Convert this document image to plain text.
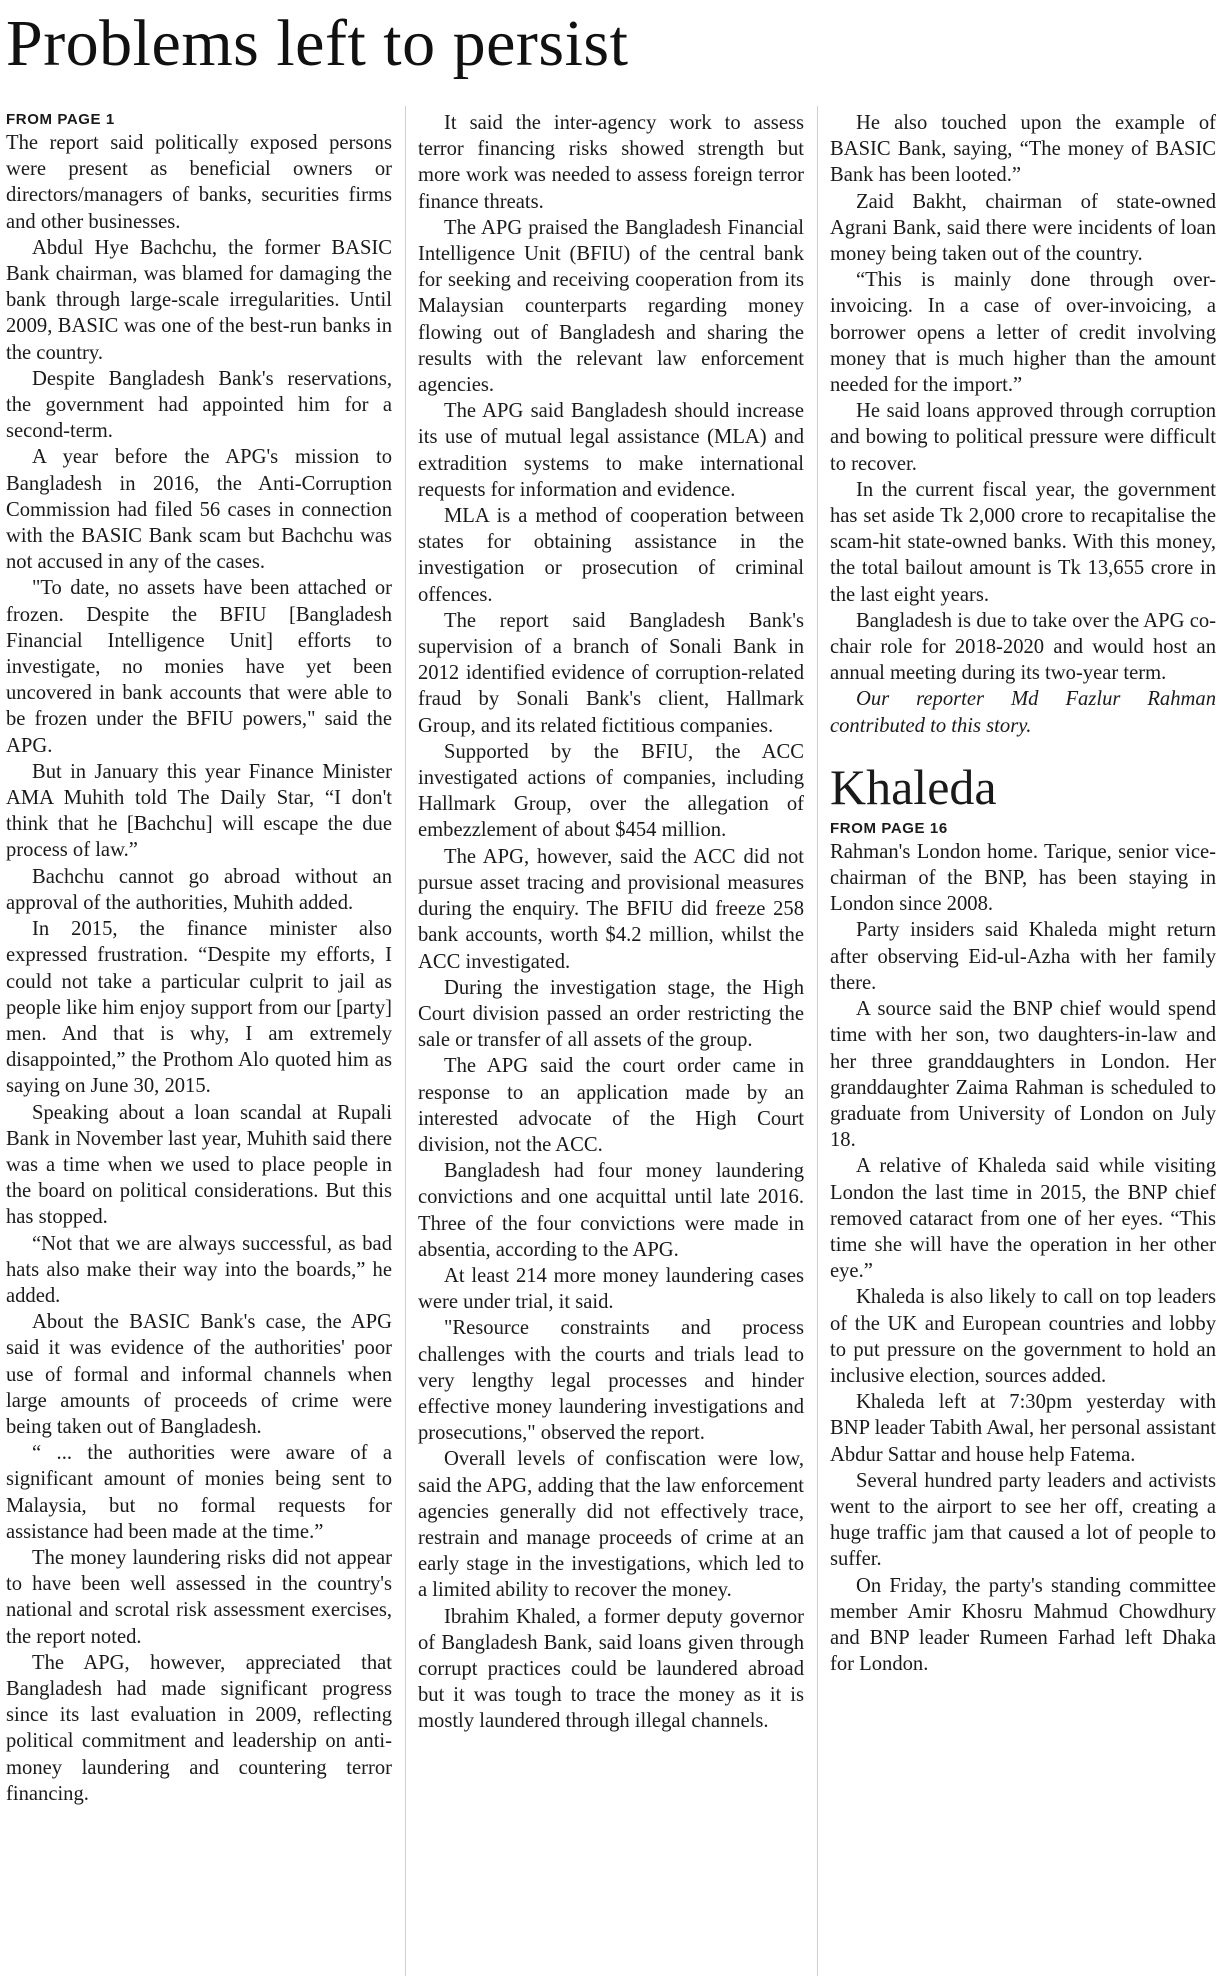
Problems left to persist
FROM PAGE 1

The report said politically exposed persons were present as beneficial owners or directors/managers of banks, securities firms and other businesses.

Abdul Hye Bachchu, the former BASIC Bank chairman, was blamed for damaging the bank through large-scale irregularities. Until 2009, BASIC was one of the best-run banks in the country.

Despite Bangladesh Bank's reservations, the government had appointed him for a second-term.

A year before the APG's mission to Bangladesh in 2016, the Anti-Corruption Commission had filed 56 cases in connection with the BASIC Bank scam but Bachchu was not accused in any of the cases.

"To date, no assets have been attached or frozen. Despite the BFIU [Bangladesh Financial Intelligence Unit] efforts to investigate, no monies have yet been uncovered in bank accounts that were able to be frozen under the BFIU powers," said the APG.

But in January this year Finance Minister AMA Muhith told The Daily Star, “I don't think that he [Bachchu] will escape the due process of law.”

Bachchu cannot go abroad without an approval of the authorities, Muhith added.

In 2015, the finance minister also expressed frustration. “Despite my efforts, I could not take a particular culprit to jail as people like him enjoy support from our [party] men. And that is why, I am extremely disappointed,” the Prothom Alo quoted him as saying on June 30, 2015.

Speaking about a loan scandal at Rupali Bank in November last year, Muhith said there was a time when we used to place people in the board on political considerations. But this has stopped.

“Not that we are always successful, as bad hats also make their way into the boards,” he added.

About the BASIC Bank's case, the APG said it was evidence of the authorities' poor use of formal and informal channels when large amounts of proceeds of crime were being taken out of Bangladesh.

“ ... the authorities were aware of a significant amount of monies being sent to Malaysia, but no formal requests for assistance had been made at the time.”

The money laundering risks did not appear to have been well assessed in the country's national and scrotal risk assessment exercises, the report noted.

The APG, however, appreciated that Bangladesh had made significant progress since its last evaluation in 2009, reflecting political commitment and leadership on anti-money laundering and countering terror financing.

It said the inter-agency work to assess terror financing risks showed strength but more work was needed to assess foreign terror finance threats.

The APG praised the Bangladesh Financial Intelligence Unit (BFIU) of the central bank for seeking and receiving cooperation from its Malaysian counterparts regarding money flowing out of Bangladesh and sharing the results with the relevant law enforcement agencies.

The APG said Bangladesh should increase its use of mutual legal assistance (MLA) and extradition systems to make international requests for information and evidence.

MLA is a method of cooperation between states for obtaining assistance in the investigation or prosecution of criminal offences.

The report said Bangladesh Bank's supervision of a branch of Sonali Bank in 2012 identified evidence of corruption-related fraud by Sonali Bank's client, Hallmark Group, and its related fictitious companies.

Supported by the BFIU, the ACC investigated actions of companies, including Hallmark Group, over the allegation of embezzlement of about $454 million.

The APG, however, said the ACC did not pursue asset tracing and provisional measures during the enquiry. The BFIU did freeze 258 bank accounts, worth $4.2 million, whilst the ACC investigated.

During the investigation stage, the High Court division passed an order restricting the sale or transfer of all assets of the group.

The APG said the court order came in response to an application made by an interested advocate of the High Court division, not the ACC.

Bangladesh had four money laundering convictions and one acquittal until late 2016. Three of the four convictions were made in absentia, according to the APG.

At least 214 more money laundering cases were under trial, it said.

"Resource constraints and process challenges with the courts and trials lead to very lengthy legal processes and hinder effective money laundering investigations and prosecutions," observed the report.

Overall levels of confiscation were low, said the APG, adding that the law enforcement agencies generally did not effectively trace, restrain and manage proceeds of crime at an early stage in the investigations, which led to a limited ability to recover the money.

Ibrahim Khaled, a former deputy governor of Bangladesh Bank, said loans given through corrupt practices could be laundered abroad but it was tough to trace the money as it is mostly laundered through illegal channels.

He also touched upon the example of BASIC Bank, saying, “The money of BASIC Bank has been looted.”

Zaid Bakht, chairman of state-owned Agrani Bank, said there were incidents of loan money being taken out of the country.

“This is mainly done through over-invoicing. In a case of over-invoicing, a borrower opens a letter of credit involving money that is much higher than the amount needed for the import.”

He said loans approved through corruption and bowing to political pressure were difficult to recover.

In the current fiscal year, the government has set aside Tk 2,000 crore to recapitalise the scam-hit state-owned banks. With this money, the total bailout amount is Tk 13,655 crore in the last eight years.

Bangladesh is due to take over the APG co-chair role for 2018-2020 and would host an annual meeting during its two-year term.

Our reporter Md Fazlur Rahman contributed to this story.

Khaleda
FROM PAGE 16

Rahman's London home. Tarique, senior vice-chairman of the BNP, has been staying in London since 2008.

Party insiders said Khaleda might return after observing Eid-ul-Azha with her family there.

A source said the BNP chief would spend time with her son, two daughters-in-law and her three granddaughters in London. Her granddaughter Zaima Rahman is scheduled to graduate from University of London on July 18.

A relative of Khaleda said while visiting London the last time in 2015, the BNP chief removed cataract from one of her eyes. “This time she will have the operation in her other eye.”

Khaleda is also likely to call on top leaders of the UK and European countries and lobby to put pressure on the government to hold an inclusive election, sources added.

Khaleda left at 7:30pm yesterday with BNP leader Tabith Awal, her personal assistant Abdur Sattar and house help Fatema.

Several hundred party leaders and activists went to the airport to see her off, creating a huge traffic jam that caused a lot of people to suffer.

On Friday, the party's standing committee member Amir Khosru Mahmud Chowdhury and BNP leader Rumeen Farhad left Dhaka for London.
